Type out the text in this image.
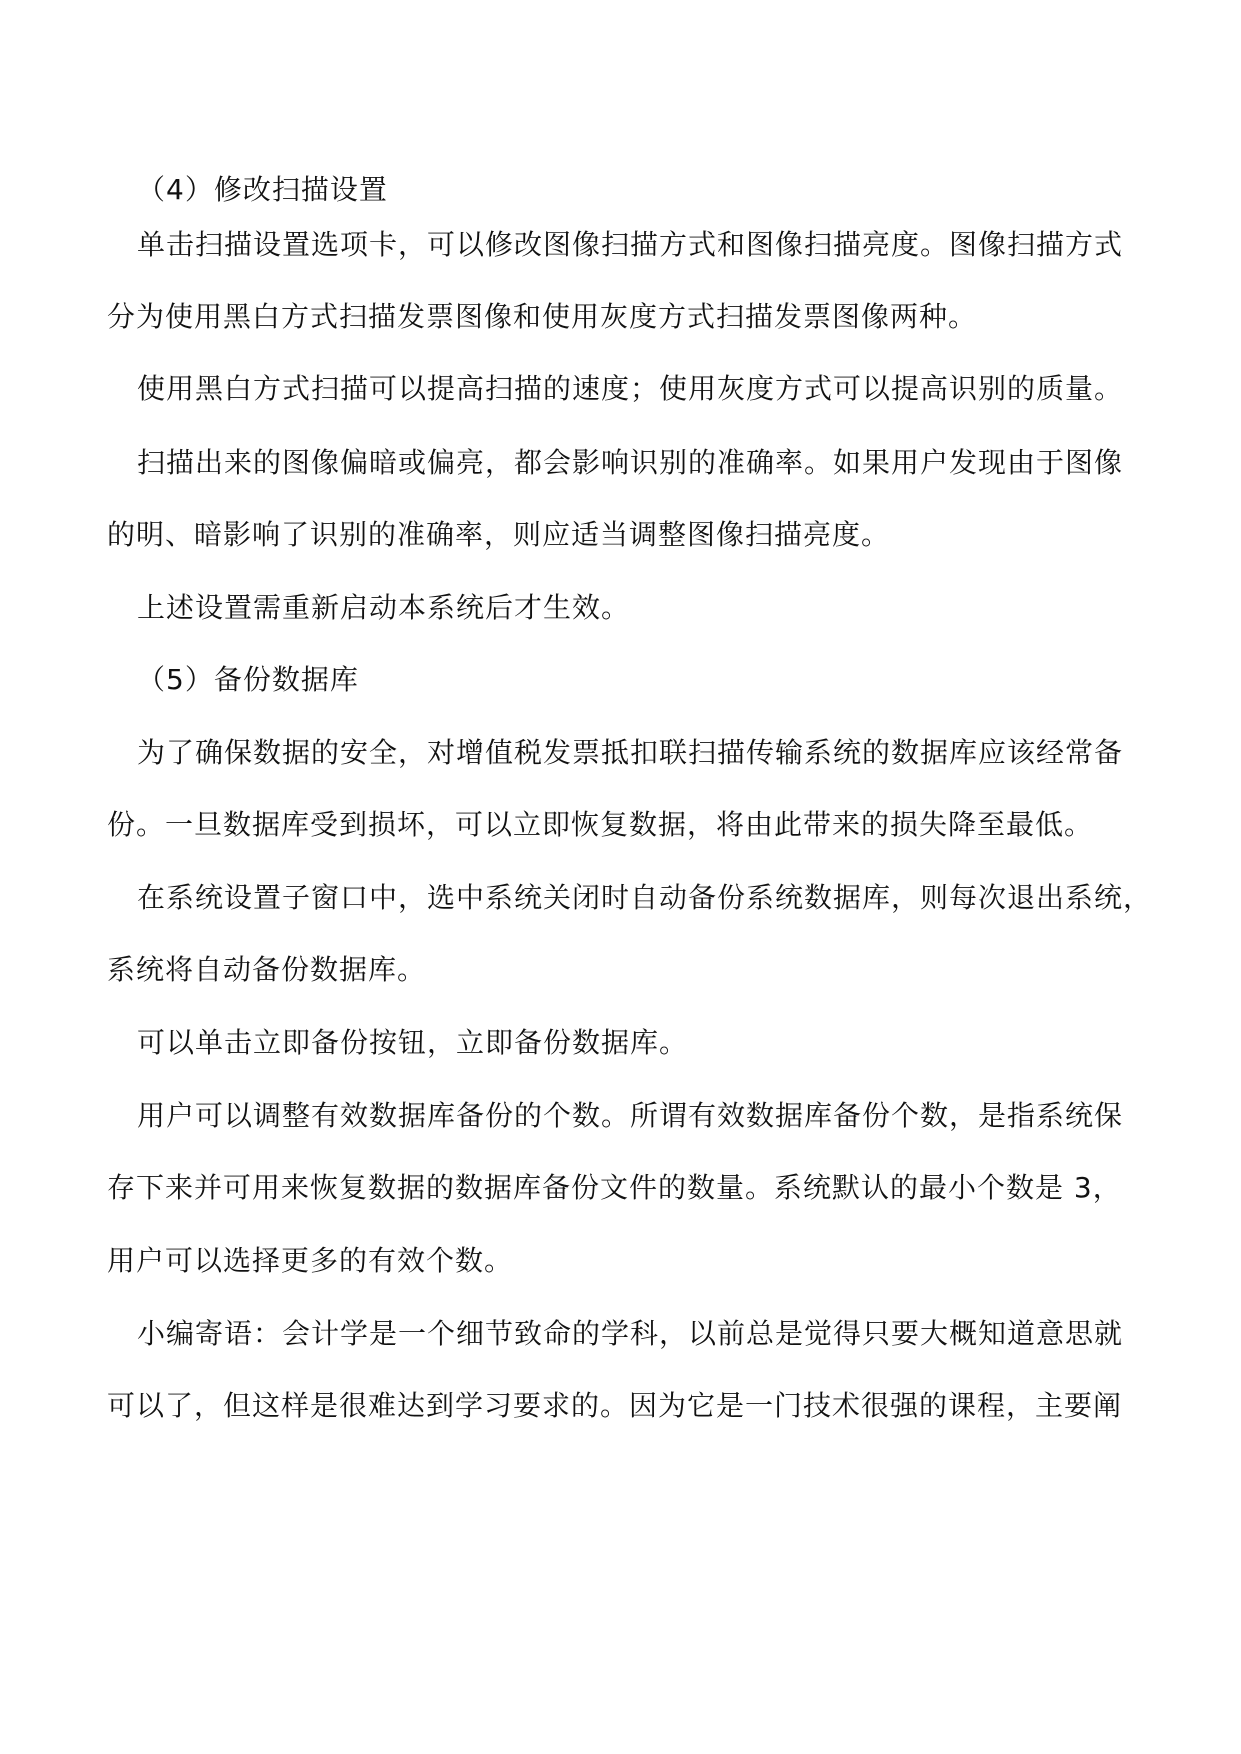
（4）修改扫描设置
单击扫描设置选项卡，可以修改图像扫描方式和图像扫描亮度。图像扫描方式
分为使用黑白方式扫描发票图像和使用灰度方式扫描发票图像两种。
使用黑白方式扫描可以提高扫描的速度；使用灰度方式可以提高识别的质量。
扫描出来的图像偏暗或偏亮，都会影响识别的准确率。如果用户发现由于图像
的明、暗影响了识别的准确率，则应适当调整图像扫描亮度。
上述设置需重新启动本系统后才生效。
（5）备份数据库
为了确保数据的安全，对增值税发票抵扣联扫描传输系统的数据库应该经常备
份。一旦数据库受到损坏，可以立即恢复数据，将由此带来的损失降至最低。
在系统设置子窗口中，选中系统关闭时自动备份系统数据库，则每次退出系统，
系统将自动备份数据库。
可以单击立即备份按钮，立即备份数据库。
用户可以调整有效数据库备份的个数。所谓有效数据库备份个数，是指系统保
存下来并可用来恢复数据的数据库备份文件的数量。系统默认的最小个数是 3，
用户可以选择更多的有效个数。
小编寄语：会计学是一个细节致命的学科，以前总是觉得只要大概知道意思就
可以了，但这样是很难达到学习要求的。因为它是一门技术很强的课程，主要阐
